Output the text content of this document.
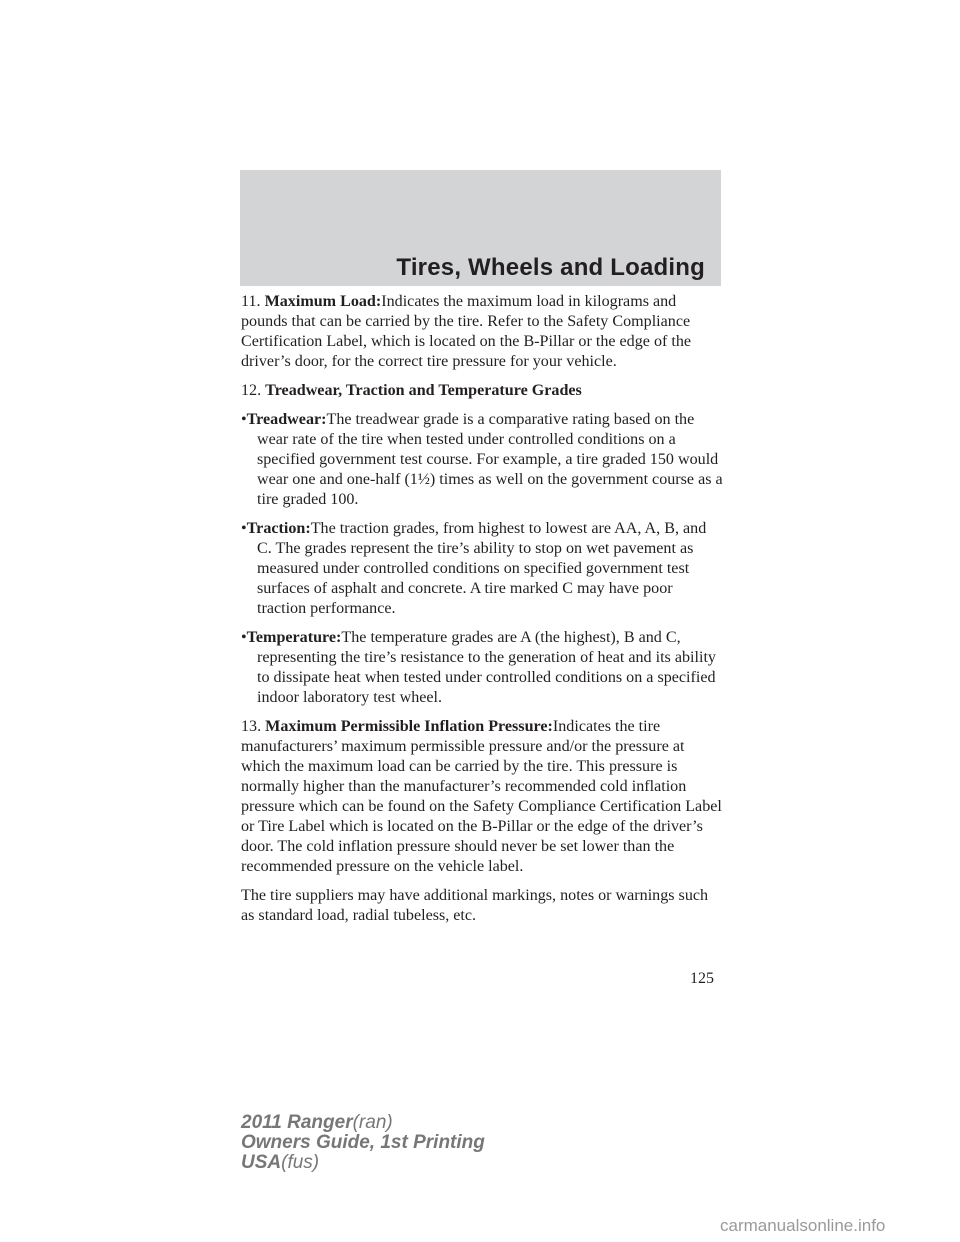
Tires, Wheels and Loading

11. Maximum Load:Indicates the maximum load in kilograms and pounds that can be carried by the tire. Refer to the Safety Compliance Certification Label, which is located on the B-Pillar or the edge of the driver’s door, for the correct tire pressure for your vehicle.

12. Treadwear, Traction and Temperature Grades

•Treadwear:The treadwear grade is a comparative rating based on the wear rate of the tire when tested under controlled conditions on a specified government test course. For example, a tire graded 150 would wear one and one-half (1½) times as well on the government course as a tire graded 100.

•Traction:The traction grades, from highest to lowest are AA, A, B, and C. The grades represent the tire’s ability to stop on wet pavement as measured under controlled conditions on specified government test surfaces of asphalt and concrete. A tire marked C may have poor traction performance.

•Temperature:The temperature grades are A (the highest), B and C, representing the tire’s resistance to the generation of heat and its ability to dissipate heat when tested under controlled conditions on a specified indoor laboratory test wheel.

13. Maximum Permissible Inflation Pressure:Indicates the tire manufacturers’ maximum permissible pressure and/or the pressure at which the maximum load can be carried by the tire. This pressure is normally higher than the manufacturer’s recommended cold inflation pressure which can be found on the Safety Compliance Certification Label or Tire Label which is located on the B-Pillar or the edge of the driver’s door. The cold inflation pressure should never be set lower than the recommended pressure on the vehicle label.

The tire suppliers may have additional markings, notes or warnings such as standard load, radial tubeless, etc.

125
2011 Ranger(ran)
Owners Guide, 1st Printing
USA(fus)
carmanualsonline.info
